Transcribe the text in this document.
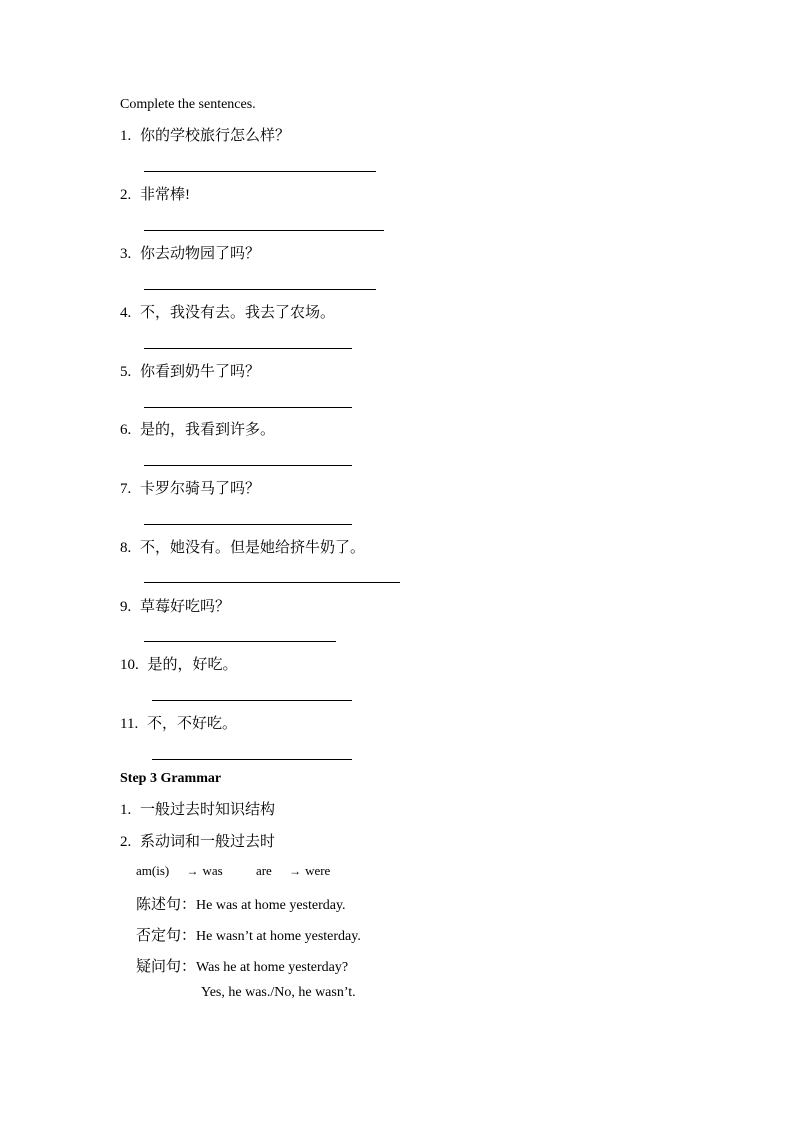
Complete the sentences.
1. 你的学校旅行怎么样？
2. 非常棒!
3. 你去动物园了吗？
4. 不，我没有去。我去了农场。
5. 你看到奶牛了吗？
6. 是的，我看到许多。
7. 卡罗尔骑马了吗？
8. 不，她没有。但是她给挤牛奶了。
9. 草莓好吃吗？
10. 是的，好吃。
11. 不，不好吃。
Step 3 Grammar
1. 一般过去时知识结构
2. 系动词和一般过去时
am(is) → was	are → were
陈述句：He was at home yesterday.
否定句：He wasn’t at home yesterday.
疑问句：Was he at home yesterday?
Yes, he was./No, he wasn’t.
